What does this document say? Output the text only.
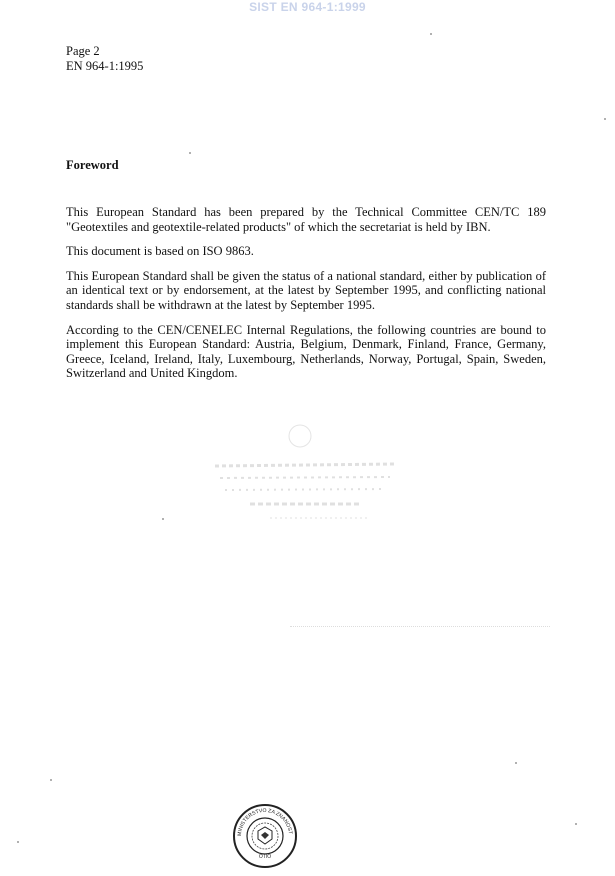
SIST EN 964-1:1999
Page 2
EN 964-1:1995
Foreword

This European Standard has been prepared by the Technical Committee CEN/TC 189 "Geotextiles and geotextile-related products" of which the secretariat is held by IBN.

This document is based on ISO 9863.

This European Standard shall be given the status of a national standard, either by publication of an identical text or by endorsement, at the latest by September 1995, and conflicting national standards shall be withdrawn at the latest by September 1995.

According to the CEN/CENELEC Internal Regulations, the following countries are bound to implement this European Standard: Austria, Belgium, Denmark, Finland, France, Germany, Greece, Iceland, Ireland, Italy, Luxembourg, Netherlands, Norway, Portugal, Spain, Sweden, Switzerland and United Kingdom.

MINISTERSTVO ZA ZNANOST
OTIO
